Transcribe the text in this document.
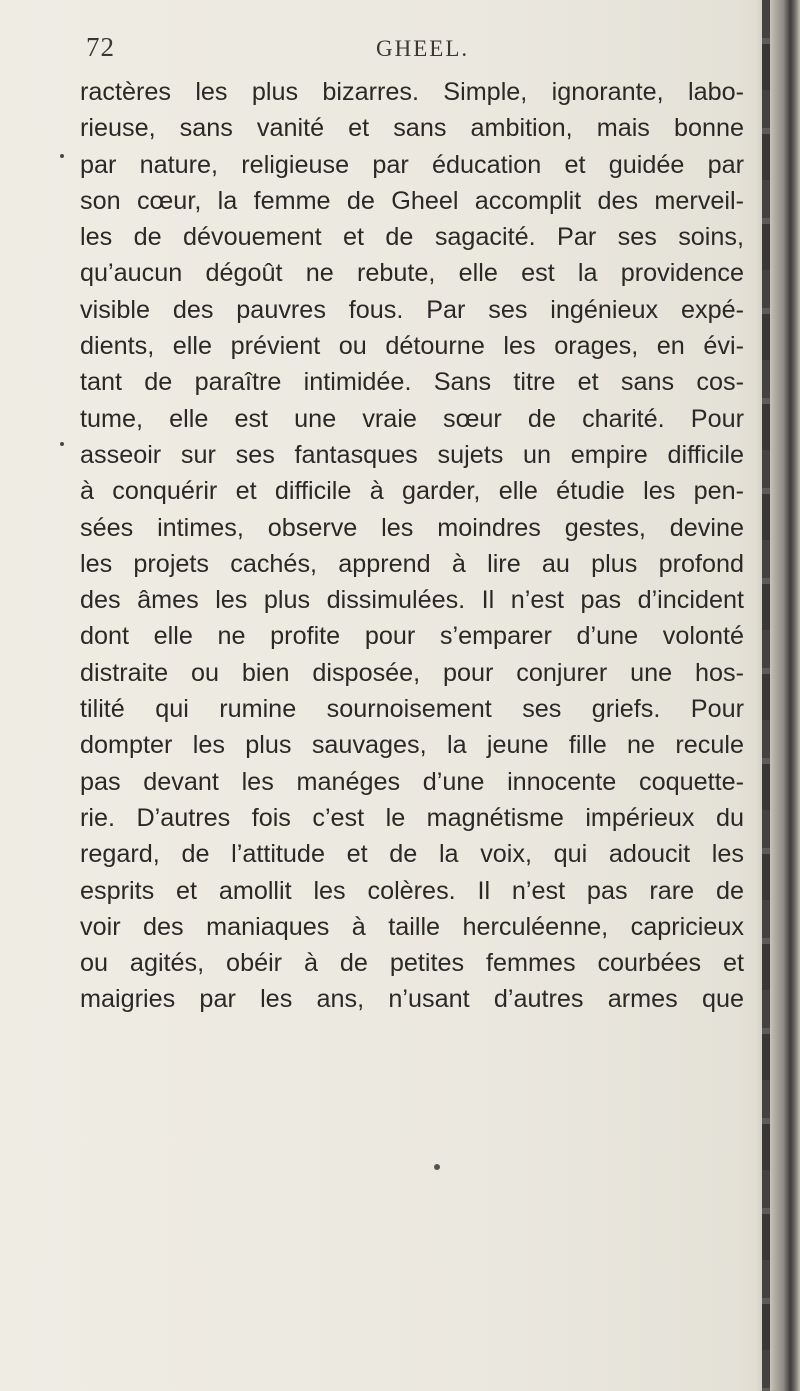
72	GHEEL.
ractères les plus bizarres. Simple, ignorante, labo-
rieuse, sans vanité et sans ambition, mais bonne
par nature, religieuse par éducation et guidée par
son cœur, la femme de Gheel accomplit des merveil-
les de dévouement et de sagacité. Par ses soins,
qu’aucun dégoût ne rebute, elle est la providence
visible des pauvres fous. Par ses ingénieux expé-
dients, elle prévient ou détourne les orages, en évi-
tant de paraître intimidée. Sans titre et sans cos-
tume, elle est une vraie sœur de charité. Pour
asseoir sur ses fantasques sujets un empire difficile
à conquérir et difficile à garder, elle étudie les pen-
sées intimes, observe les moindres gestes, devine
les projets cachés, apprend à lire au plus profond
des âmes les plus dissimulées. Il n’est pas d’incident
dont elle ne profite pour s’emparer d’une volonté
distraite ou bien disposée, pour conjurer une hos-
tilité qui rumine sournoisement ses griefs. Pour
dompter les plus sauvages, la jeune fille ne recule
pas devant les manéges d’une innocente coquette-
rie. D’autres fois c’est le magnétisme impérieux du
regard, de l’attitude et de la voix, qui adoucit les
esprits et amollit les colères. Il n’est pas rare de
voir des maniaques à taille herculéenne, capricieux
ou agités, obéir à de petites femmes courbées et
maigries par les ans, n’usant d’autres armes que
